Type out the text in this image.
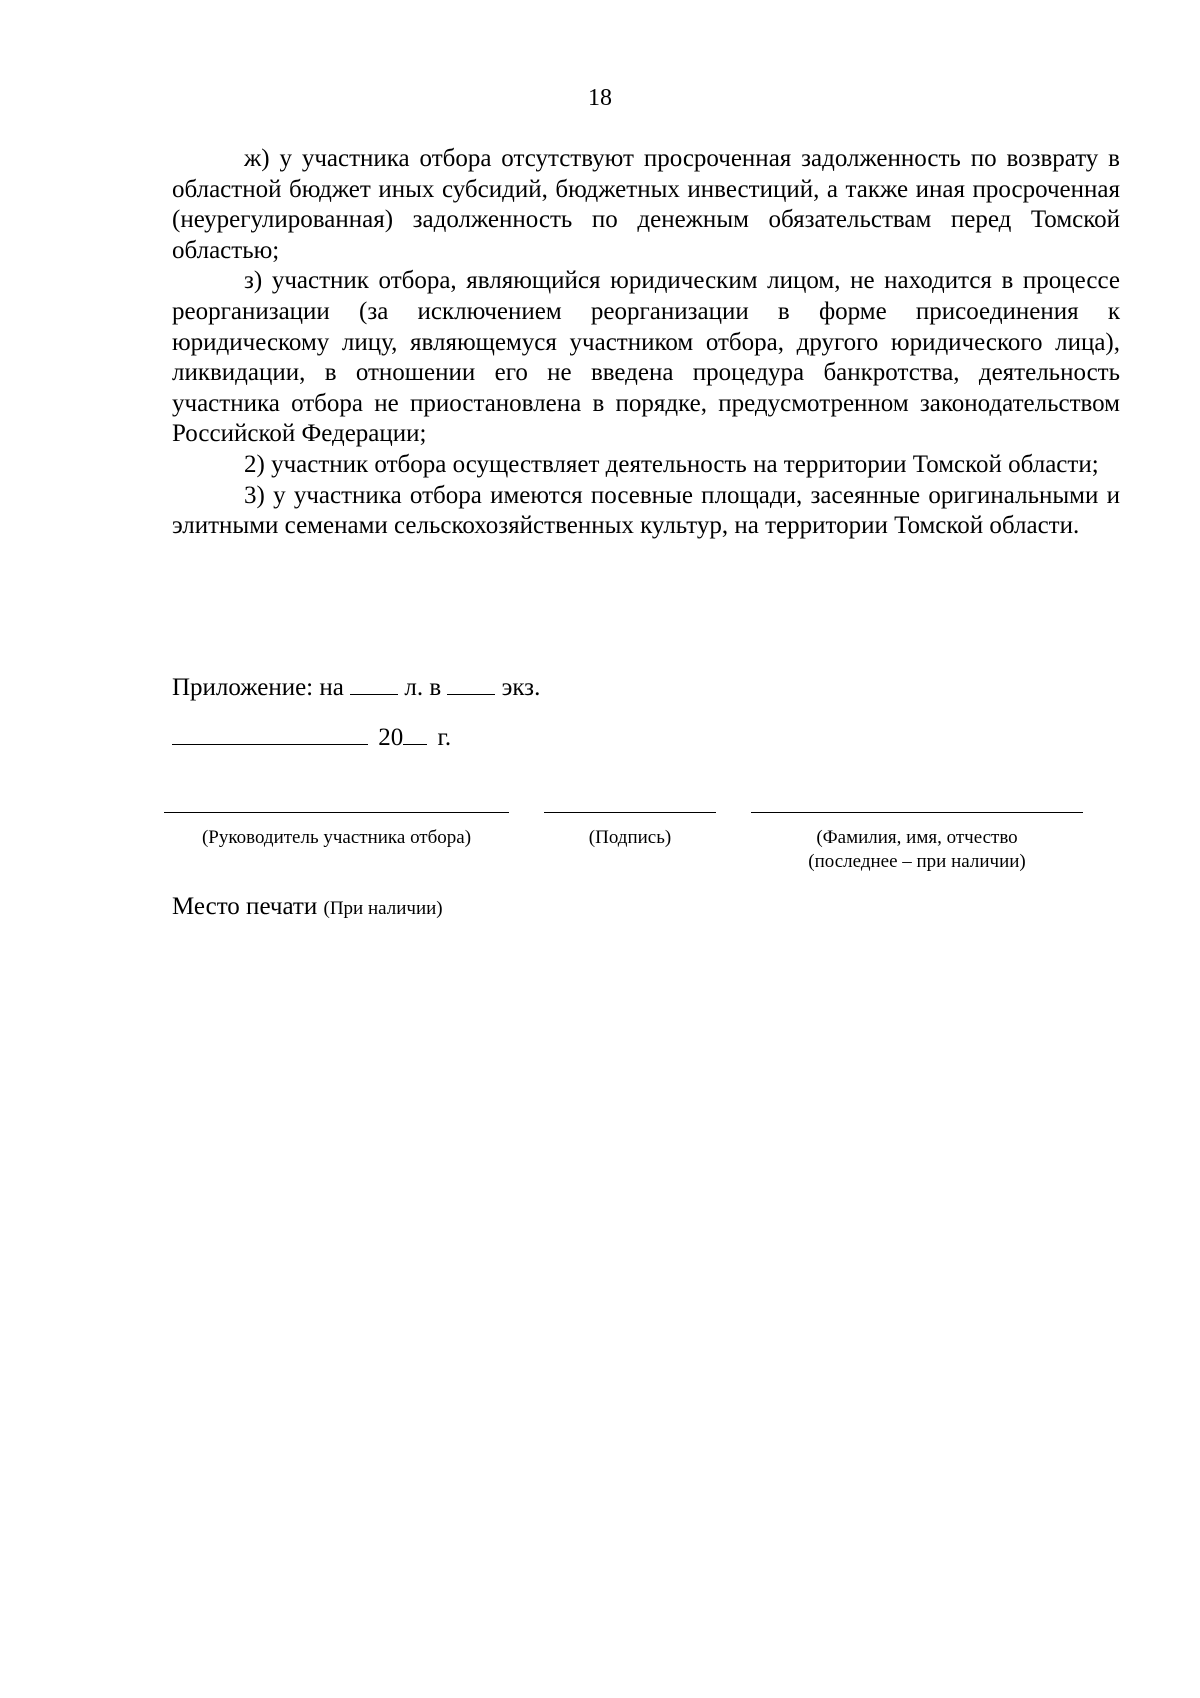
18

ж) у участника отбора отсутствуют просроченная задолженность по возврату в областной бюджет иных субсидий, бюджетных инвестиций, а также иная просроченная (неурегулированная) задолженность по денежным обязательствам перед Томской областью;

з) участник отбора, являющийся юридическим лицом, не находится в процессе реорганизации (за исключением реорганизации в форме присоединения к юридическому лицу, являющемуся участником отбора, другого юридического лица), ликвидации, в отношении его не введена процедура банкротства, деятельность участника отбора не приостановлена в порядке, предусмотренном законодательством Российской Федерации;

2) участник отбора осуществляет деятельность на территории Томской области;

3) у участника отбора имеются посевные площади, засеянные оригинальными и элитными семенами сельскохозяйственных культур, на территории Томской области.

Приложение: на л. в экз.
20 г.
(Руководитель участника отбора)	(Подпись)	(Фамилия, имя, отчество
(последнее – при наличии)
Место печати (При наличии)
